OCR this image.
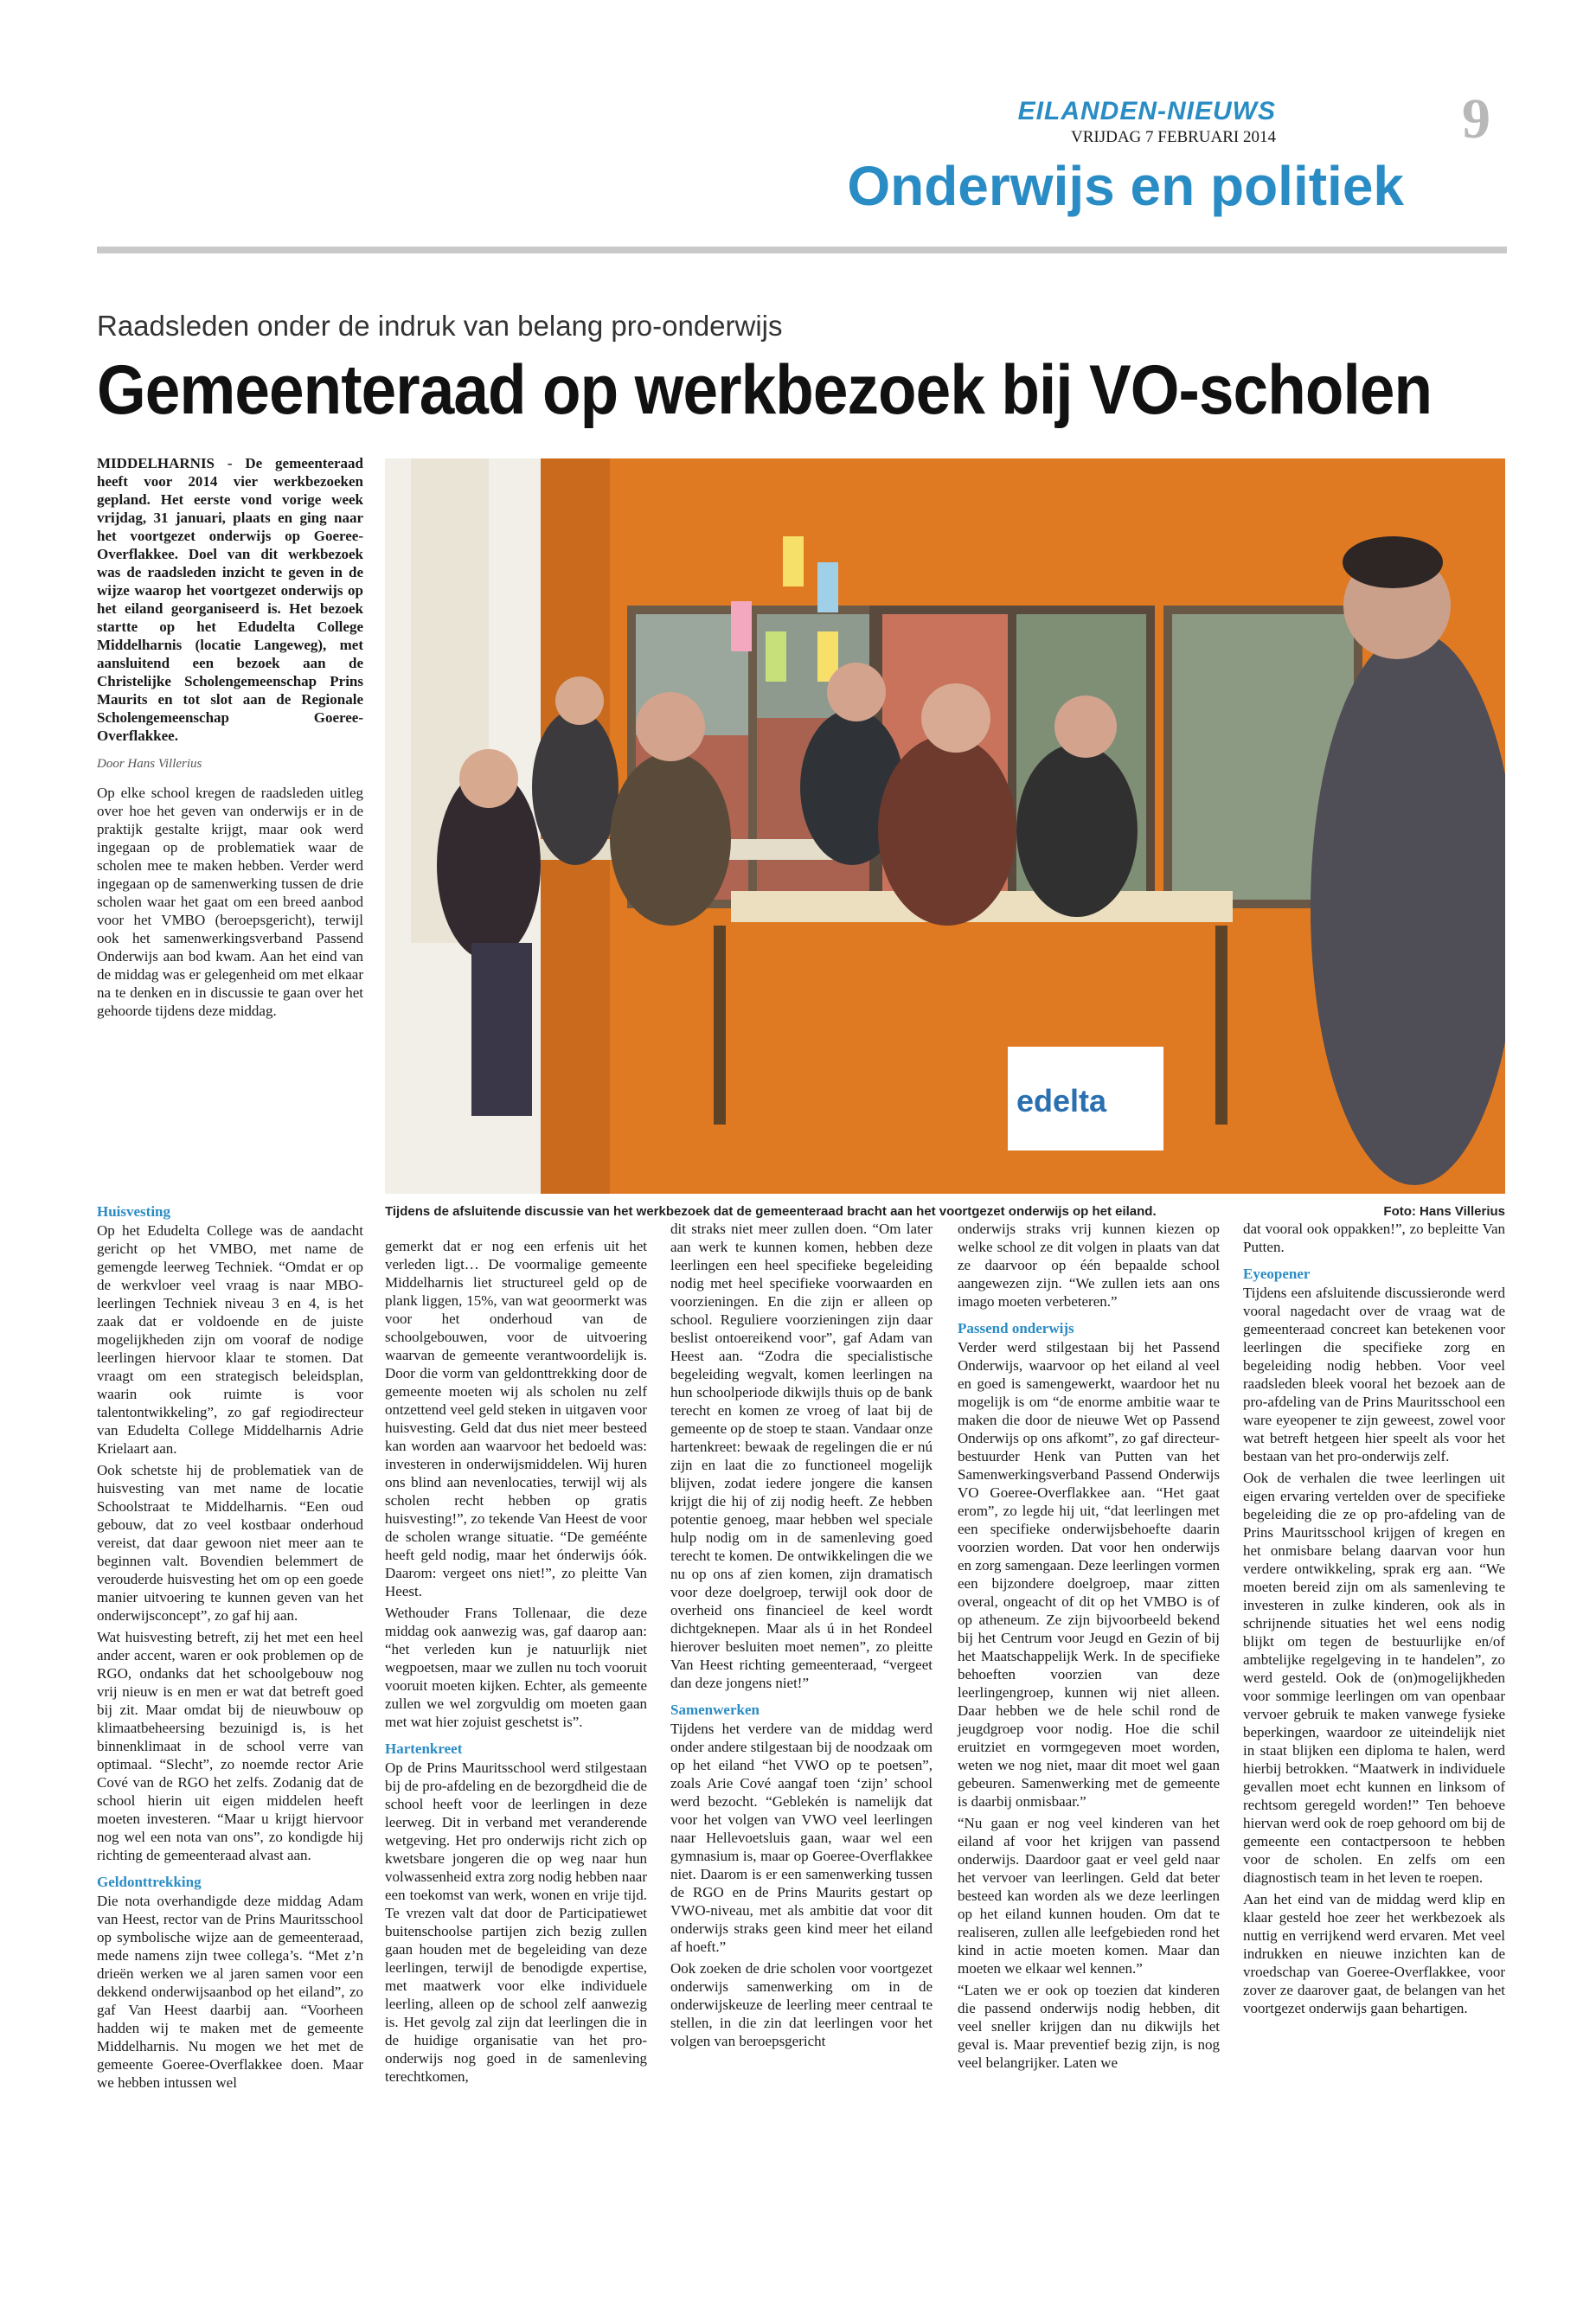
EILANDEN-NIEUWS
VRIJDAG 7 FEBRUARI 2014	9
Onderwijs en politiek
Raadsleden onder de indruk van belang pro-onderwijs
Gemeenteraad op werkbezoek bij VO-scholen

MIDDELHARNIS - De gemeenteraad heeft voor 2014 vier werkbezoeken gepland. Het eerste vond vorige week vrijdag, 31 januari, plaats en ging naar het voortgezet onderwijs op Goeree-Overflakkee. Doel van dit werkbezoek was de raadsleden inzicht te geven in de wijze waarop het voortgezet onderwijs op het eiland georganiseerd is. Het bezoek startte op het Edudelta College Middelharnis (locatie Langeweg), met aansluitend een bezoek aan de Christelijke Scholengemeenschap Prins Maurits en tot slot aan de Regionale Scholengemeenschap Goeree-Overflakkee.

Door Hans Villerius

Op elke school kregen de raadsleden uitleg over hoe het geven van onderwijs er in de praktijk gestalte krijgt, maar ook werd ingegaan op de problematiek waar de scholen mee te maken hebben. Verder werd ingegaan op de samenwerking tussen de drie scholen waar het gaat om een breed aanbod voor het VMBO (beroepsgericht), terwijl ook het samenwerkingsverband Passend Onderwijs aan bod kwam. Aan het eind van de middag was er gelegenheid om met elkaar na te denken en in discussie te gaan over het gehoorde tijdens deze middag.

edelta
Tijdens de afsluitende discussie van het werkbezoek dat de gemeenteraad bracht aan het voortgezet onderwijs op het eiland.	Foto: Hans Villerius

Huisvesting

Op het Edudelta College was de aandacht gericht op het VMBO, met name de gemengde leerweg Techniek. “Omdat er op de werkvloer veel vraag is naar MBO-leerlingen Techniek niveau 3 en 4, is het zaak dat er voldoende en de juiste mogelijkheden zijn om vooraf de nodige leerlingen hiervoor klaar te stomen. Dat vraagt om een strategisch beleidsplan, waarin ook ruimte is voor talentontwikkeling”, zo gaf regiodirecteur van Edudelta College Middelharnis Adrie Krielaart aan.

Ook schetste hij de problematiek van de huisvesting van met name de locatie Schoolstraat te Middelharnis. “Een oud gebouw, dat zo veel kostbaar onderhoud vereist, dat daar gewoon niet meer aan te beginnen valt. Bovendien belemmert de verouderde huisvesting het om op een goede manier uitvoering te kunnen geven van het onderwijsconcept”, zo gaf hij aan.

Wat huisvesting betreft, zij het met een heel ander accent, waren er ook problemen op de RGO, ondanks dat het schoolgebouw nog vrij nieuw is en men er wat dat betreft goed bij zit. Maar omdat bij de nieuwbouw op klimaatbeheersing bezuinigd is, is het binnenklimaat in de school verre van optimaal. “Slecht”, zo noemde rector Arie Cové van de RGO het zelfs. Zodanig dat de school hierin uit eigen middelen heeft moeten investeren. “Maar u krijgt hiervoor nog wel een nota van ons”, zo kondigde hij richting de gemeenteraad alvast aan.

Geldonttrekking

Die nota overhandigde deze middag Adam van Heest, rector van de Prins Mauritsschool op symbolische wijze aan de gemeenteraad, mede namens zijn twee collega’s. “Met z’n drieën werken we al jaren samen voor een dekkend onderwijsaanbod op het eiland”, zo gaf Van Heest daarbij aan. “Voorheen hadden wij te maken met de gemeente Middelharnis. Nu mogen we het met de gemeente Goeree-Overflakkee doen. Maar we hebben intussen wel

gemerkt dat er nog een erfenis uit het verleden ligt… De voormalige gemeente Middelharnis liet structureel geld op de plank liggen, 15%, van wat geoormerkt was voor het onderhoud van de schoolgebouwen, voor de uitvoering waarvan de gemeente verantwoordelijk is. Door die vorm van geldonttrekking door de gemeente moeten wij als scholen nu zelf ontzettend veel geld steken in uitgaven voor huisvesting. Geld dat dus niet meer besteed kan worden aan waarvoor het bedoeld was: investeren in onderwijsmiddelen. Wij huren ons blind aan nevenlocaties, terwijl wij als scholen recht hebben op gratis huisvesting!”, zo tekende Van Heest de voor de scholen wrange situatie. “De geméénte heeft geld nodig, maar het ónderwijs óók. Daarom: vergeet ons niet!”, zo pleitte Van Heest.

Wethouder Frans Tollenaar, die deze middag ook aanwezig was, gaf daarop aan: “het verleden kun je natuurlijk niet wegpoetsen, maar we zullen nu toch vooruit vooruit moeten kijken. Echter, als gemeente zullen we wel zorgvuldig om moeten gaan met wat hier zojuist geschetst is”.

Hartenkreet

Op de Prins Mauritsschool werd stilgestaan bij de pro-afdeling en de bezorgdheid die de school heeft voor de leerlingen in deze leerweg. Dit in verband met veranderende wetgeving. Het pro onderwijs richt zich op kwetsbare jongeren die op weg naar hun volwassenheid extra zorg nodig hebben naar een toekomst van werk, wonen en vrije tijd. Te vrezen valt dat door de Participatiewet buitenschoolse partijen zich bezig zullen gaan houden met de begeleiding van deze leerlingen, terwijl de benodigde expertise, met maatwerk voor elke individuele leerling, alleen op de school zelf aanwezig is. Het gevolg zal zijn dat leerlingen die in de huidige organisatie van het pro-onderwijs nog goed in de samenleving terechtkomen,

dit straks niet meer zullen doen. “Om later aan werk te kunnen komen, hebben deze leerlingen een heel specifieke begeleiding nodig met heel specifieke voorwaarden en voorzieningen. En die zijn er alleen op school. Reguliere voorzieningen zijn daar beslist ontoereikend voor”, gaf Adam van Heest aan. “Zodra die specialistische begeleiding wegvalt, komen leerlingen na hun schoolperiode dikwijls thuis op de bank terecht en komen ze vroeg of laat bij de gemeente op de stoep te staan. Vandaar onze hartenkreet: bewaak de regelingen die er nú zijn en laat die zo functioneel mogelijk blijven, zodat iedere jongere die kansen krijgt die hij of zij nodig heeft. Ze hebben potentie genoeg, maar hebben wel speciale hulp nodig om in de samenleving goed terecht te komen. De ontwikkelingen die we nu op ons af zien komen, zijn dramatisch voor deze doelgroep, terwijl ook door de overheid ons financieel de keel wordt dichtgeknepen. Maar als ú in het Rondeel hierover besluiten moet nemen”, zo pleitte Van Heest richting gemeenteraad, “vergeet dan deze jongens niet!”

Samenwerken

Tijdens het verdere van de middag werd onder andere stilgestaan bij de noodzaak om op het eiland “het VWO op te poetsen”, zoals Arie Cové aangaf toen ‘zijn’ school werd bezocht. “Geblekén is namelijk dat voor het volgen van VWO veel leerlingen naar Hellevoetsluis gaan, waar wel een gymnasium is, maar op Goeree-Overflakkee niet. Daarom is er een samenwerking tussen de RGO en de Prins Maurits gestart op VWO-niveau, met als ambitie dat voor dit onderwijs straks geen kind meer het eiland af hoeft.”

Ook zoeken de drie scholen voor voortgezet onderwijs samenwerking om in de onderwijskeuze de leerling meer centraal te stellen, in die zin dat leerlingen voor het volgen van beroepsgericht

onderwijs straks vrij kunnen kiezen op welke school ze dit volgen in plaats van dat ze daarvoor op één bepaalde school aangewezen zijn. “We zullen iets aan ons imago moeten verbeteren.”

Passend onderwijs

Verder werd stilgestaan bij het Passend Onderwijs, waarvoor op het eiland al veel en goed is samengewerkt, waardoor het nu mogelijk is om “de enorme ambitie waar te maken die door de nieuwe Wet op Passend Onderwijs op ons afkomt”, zo gaf directeur-bestuurder Henk van Putten van het Samenwerkingsverband Passend Onderwijs VO Goeree-Overflakkee aan. “Het gaat erom”, zo legde hij uit, “dat leerlingen met een specifieke onderwijsbehoefte daarin voorzien worden. Dat voor hen onderwijs en zorg samengaan. Deze leerlingen vormen een bijzondere doelgroep, maar zitten overal, ongeacht of dit op het VMBO is of op atheneum. Ze zijn bijvoorbeeld bekend bij het Centrum voor Jeugd en Gezin of bij het Maatschappelijk Werk. In de specifieke behoeften voorzien van deze leerlingengroep, kunnen wij niet alleen. Daar hebben we de hele schil rond de jeugdgroep voor nodig. Hoe die schil eruitziet en vormgegeven moet worden, weten we nog niet, maar dit moet wel gaan gebeuren. Samenwerking met de gemeente is daarbij onmisbaar.”

“Nu gaan er nog veel kinderen van het eiland af voor het krijgen van passend onderwijs. Daardoor gaat er veel geld naar het vervoer van leerlingen. Geld dat beter besteed kan worden als we deze leerlingen op het eiland kunnen houden. Om dat te realiseren, zullen alle leefgebieden rond het kind in actie moeten komen. Maar dan moeten we elkaar wel kennen.”

“Laten we er ook op toezien dat kinderen die passend onderwijs nodig hebben, dit veel sneller krijgen dan nu dikwijls het geval is. Maar preventief bezig zijn, is nog veel belangrijker. Laten we

dat vooral ook oppakken!”, zo bepleitte Van Putten.

Eyeopener

Tijdens een afsluitende discussieronde werd vooral nagedacht over de vraag wat de gemeenteraad concreet kan betekenen voor leerlingen die specifieke zorg en begeleiding nodig hebben. Voor veel raadsleden bleek vooral het bezoek aan de pro-afdeling van de Prins Mauritsschool een ware eyeopener te zijn geweest, zowel voor wat betreft hetgeen hier speelt als voor het bestaan van het pro-onderwijs zelf.

Ook de verhalen die twee leerlingen uit eigen ervaring vertelden over de specifieke begeleiding die ze op pro-afdeling van de Prins Mauritsschool krijgen of kregen en het onmisbare belang daarvan voor hun verdere ontwikkeling, sprak erg aan. “We moeten bereid zijn om als samenleving te investeren in zulke kinderen, ook als in schrijnende situaties het wel eens nodig blijkt om tegen de bestuurlijke en/of ambtelijke regelgeving in te handelen”, zo werd gesteld. Ook de (on)mogelijkheden voor sommige leerlingen om van openbaar vervoer gebruik te maken vanwege fysieke beperkingen, waardoor ze uiteindelijk niet in staat blijken een diploma te halen, werd hierbij betrokken. “Maatwerk in individuele gevallen moet echt kunnen en linksom of rechtsom geregeld worden!” Ten behoeve hiervan werd ook de roep gehoord om bij de gemeente een contactpersoon te hebben voor de scholen. En zelfs om een diagnostisch team in het leven te roepen.

Aan het eind van de middag werd klip en klaar gesteld hoe zeer het werkbezoek als nuttig en verrijkend werd ervaren. Met veel indrukken en nieuwe inzichten kan de vroedschap van Goeree-Overflakkee, voor zover ze daarover gaat, de belangen van het voortgezet onderwijs gaan behartigen.
